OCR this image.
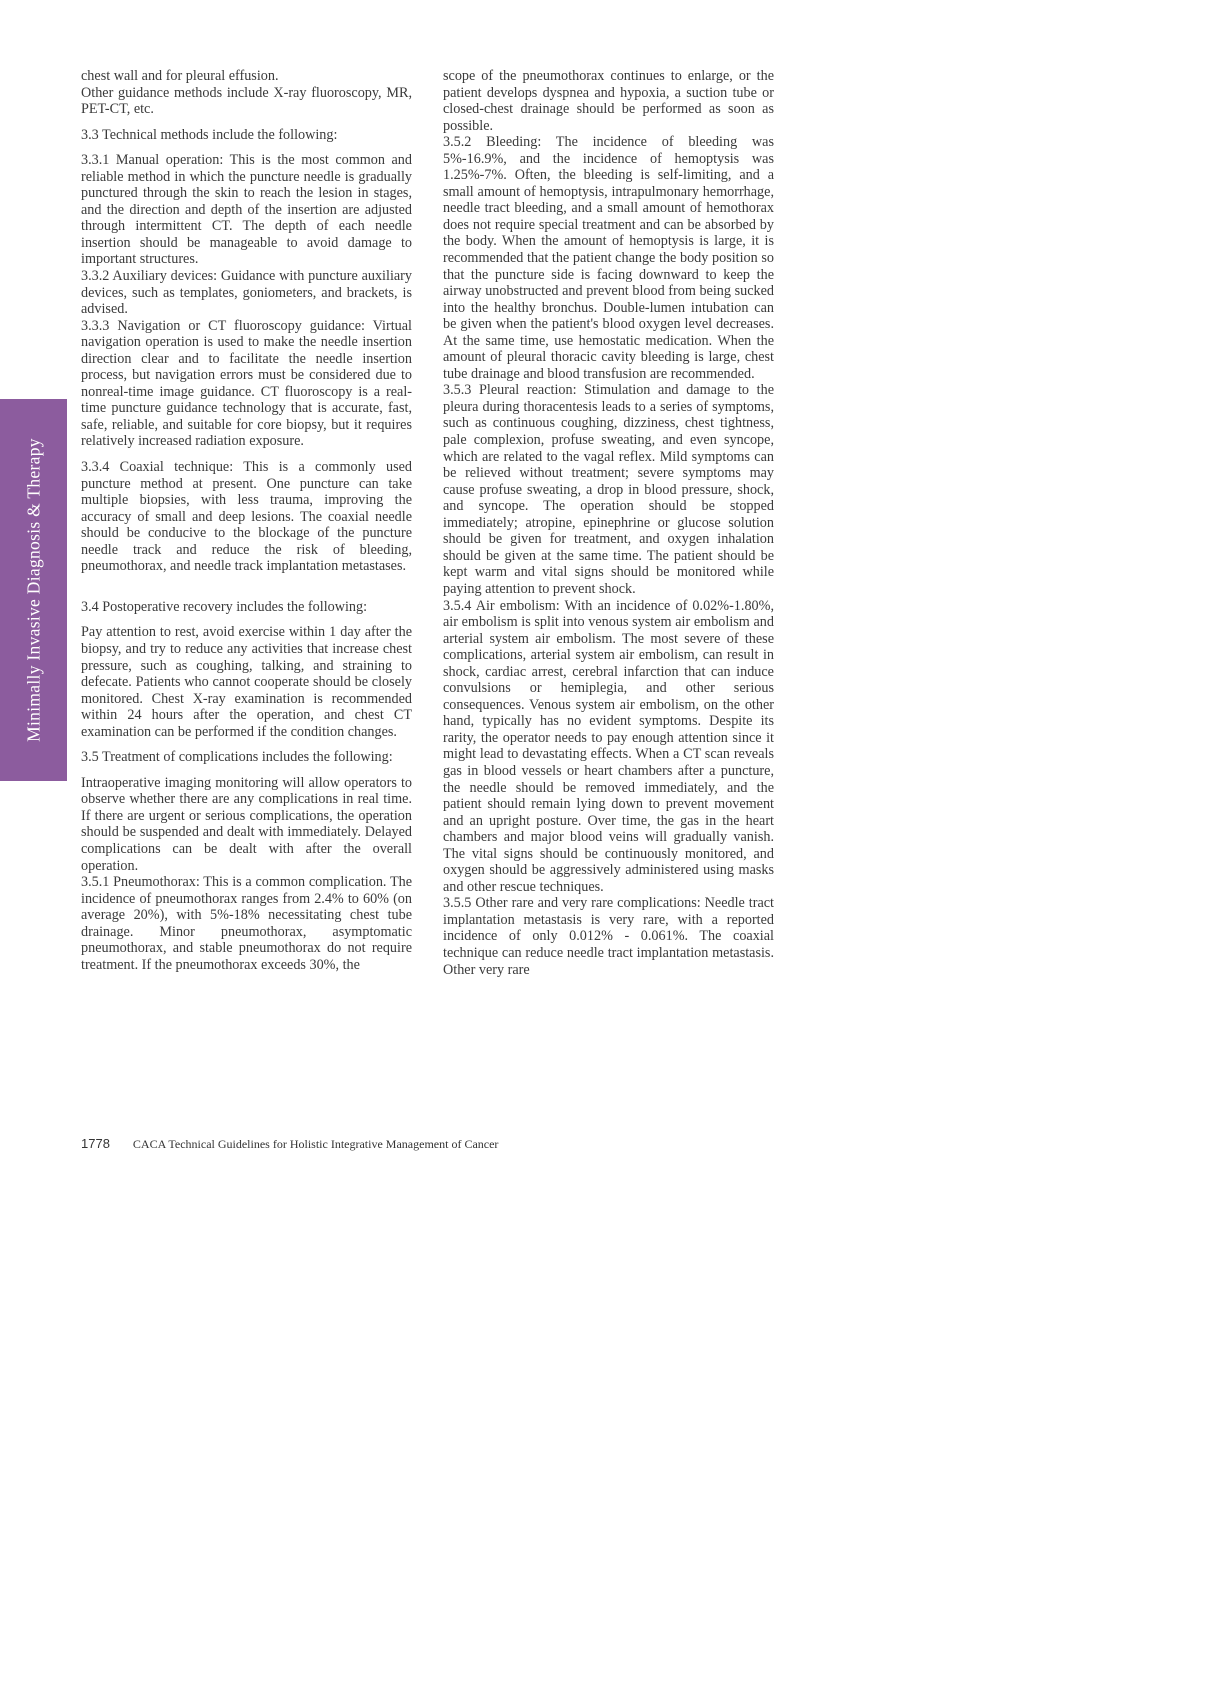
Minimally Invasive Diagnosis & Therapy

chest wall and for pleural effusion.

Other guidance methods include X-ray fluoroscopy, MR, PET-CT, etc.

3.3 Technical methods include the following:

3.3.1 Manual operation: This is the most common and reliable method in which the puncture needle is gradually punctured through the skin to reach the lesion in stages, and the direction and depth of the insertion are adjusted through intermittent CT. The depth of each needle insertion should be manageable to avoid damage to important structures.

3.3.2 Auxiliary devices: Guidance with puncture auxiliary devices, such as templates, goniometers, and brackets, is advised.

3.3.3 Navigation or CT fluoroscopy guidance: Virtual navigation operation is used to make the needle insertion direction clear and to facilitate the needle insertion process, but navigation errors must be considered due to nonreal-time image guidance. CT fluoroscopy is a real-time puncture guidance technology that is accurate, fast, safe, reliable, and suitable for core biopsy, but it requires relatively increased radiation exposure.

3.3.4 Coaxial technique: This is a commonly used puncture method at present. One puncture can take multiple biopsies, with less trauma, improving the accuracy of small and deep lesions. The coaxial needle should be conducive to the blockage of the puncture needle track and reduce the risk of bleeding, pneumothorax, and needle track implantation metastases.

3.4 Postoperative recovery includes the following:

Pay attention to rest, avoid exercise within 1 day after the biopsy, and try to reduce any activities that increase chest pressure, such as coughing, talking, and straining to defecate. Patients who cannot cooperate should be closely monitored. Chest X-ray examination is recommended within 24 hours after the operation, and chest CT examination can be performed if the condition changes.

3.5 Treatment of complications includes the following:

Intraoperative imaging monitoring will allow operators to observe whether there are any complications in real time. If there are urgent or serious complications, the operation should be suspended and dealt with immediately. Delayed complications can be dealt with after the overall operation.

3.5.1 Pneumothorax: This is a common complication. The incidence of pneumothorax ranges from 2.4% to 60% (on average 20%), with 5%-18% necessitating chest tube drainage. Minor pneumothorax, asymptomatic pneumothorax, and stable pneumothorax do not require treatment. If the pneumothorax exceeds 30%, the

scope of the pneumothorax continues to enlarge, or the patient develops dyspnea and hypoxia, a suction tube or closed-chest drainage should be performed as soon as possible.

3.5.2 Bleeding: The incidence of bleeding was 5%-16.9%, and the incidence of hemoptysis was 1.25%-7%. Often, the bleeding is self-limiting, and a small amount of hemoptysis, intrapulmonary hemorrhage, needle tract bleeding, and a small amount of hemothorax does not require special treatment and can be absorbed by the body. When the amount of hemoptysis is large, it is recommended that the patient change the body position so that the puncture side is facing downward to keep the airway unobstructed and prevent blood from being sucked into the healthy bronchus. Double-lumen intubation can be given when the patient's blood oxygen level decreases. At the same time, use hemostatic medication. When the amount of pleural thoracic cavity bleeding is large, chest tube drainage and blood transfusion are recommended.

3.5.3 Pleural reaction: Stimulation and damage to the pleura during thoracentesis leads to a series of symptoms, such as continuous coughing, dizziness, chest tightness, pale complexion, profuse sweating, and even syncope, which are related to the vagal reflex. Mild symptoms can be relieved without treatment; severe symptoms may cause profuse sweating, a drop in blood pressure, shock, and syncope. The operation should be stopped immediately; atropine, epinephrine or glucose solution should be given for treatment, and oxygen inhalation should be given at the same time. The patient should be kept warm and vital signs should be monitored while paying attention to prevent shock.

3.5.4 Air embolism: With an incidence of 0.02%-1.80%, air embolism is split into venous system air embolism and arterial system air embolism. The most severe of these complications, arterial system air embolism, can result in shock, cardiac arrest, cerebral infarction that can induce convulsions or hemiplegia, and other serious consequences. Venous system air embolism, on the other hand, typically has no evident symptoms. Despite its rarity, the operator needs to pay enough attention since it might lead to devastating effects. When a CT scan reveals gas in blood vessels or heart chambers after a puncture, the needle should be removed immediately, and the patient should remain lying down to prevent movement and an upright posture. Over time, the gas in the heart chambers and major blood veins will gradually vanish. The vital signs should be continuously monitored, and oxygen should be aggressively administered using masks and other rescue techniques.

3.5.5 Other rare and very rare complications: Needle tract implantation metastasis is very rare, with a reported incidence of only 0.012% - 0.061%. The coaxial technique can reduce needle tract implantation metastasis. Other very rare

1778 CACA Technical Guidelines for Holistic Integrative Management of Cancer
